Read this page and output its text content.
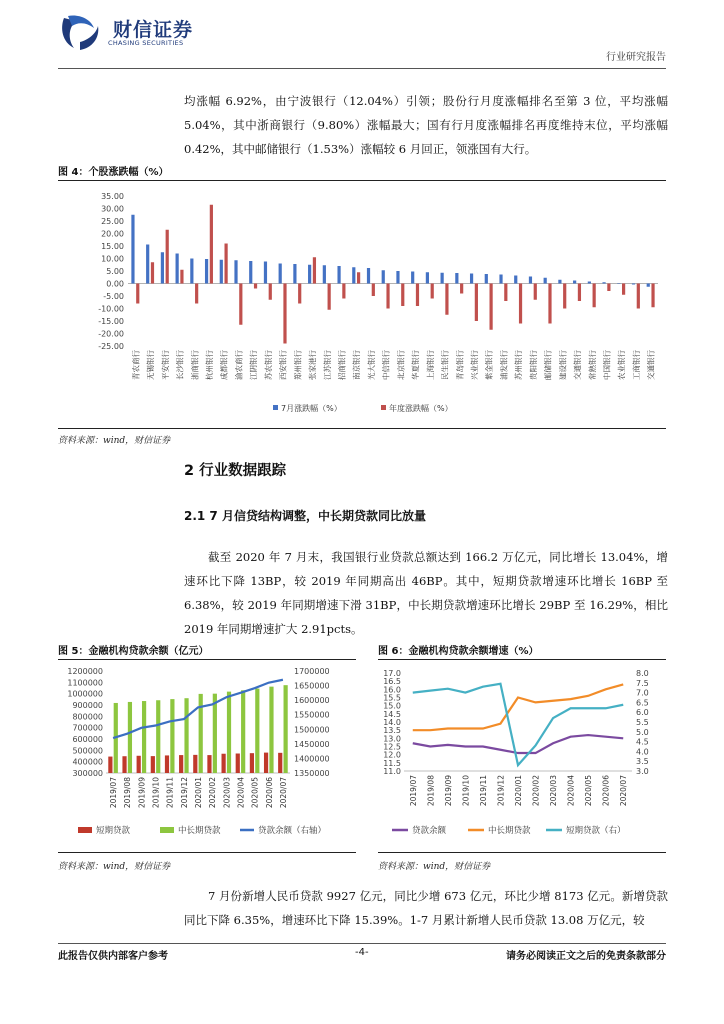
财信证券
CHASING SECURITIES
行业研究报告
均涨幅 6.92%，由宁波银行（12.04%）引领；股份行月度涨幅排名至第 3 位，平均涨幅 5.04%，其中浙商银行（9.80%）涨幅最大；国有行月度涨幅排名再度维持末位，平均涨幅 0.42%，其中邮储银行（1.53%）涨幅较 6 月回正，领涨国有大行。
图 4：个股涨跌幅（%）
35.00
30.00
25.00
20.00
15.00
10.00
5.00
0.00
-5.00
-10.00
-15.00
-20.00
-25.00
青农商行 无锡银行 平安银行 长沙银行 浙商银行 杭州银行 成都银行 渝农商行 江阴银行 苏农银行 西安银行 郑州银行 张家港行 江苏银行 招商银行 南京银行 光大银行 中信银行 北京银行 华夏银行 上海银行 民生银行 青岛银行 兴业银行 紫金银行 浦发银行 苏州银行 贵阳银行 邮储银行 建设银行 交通银行 常熟银行 中国银行 农业银行 工商银行 交通银行
7月涨跌幅（%）	年度涨跌幅（%）
资料来源：wind，财信证券
2 行业数据跟踪
2.1 7 月信贷结构调整，中长期贷款同比放量
截至 2020 年 7 月末，我国银行业贷款总额达到 166.2 万亿元，同比增长 13.04%，增速环比下降 13BP，较 2019 年同期高出 46BP。其中，短期贷款增速环比增长 16BP 至 6.38%，较 2019 年同期增速下滑 31BP，中长期贷款增速环比增长 29BP 至 16.29%，相比 2019 年同期增速扩大 2.91pcts。
图 5：金融机构贷款余额（亿元）
1200000
1100000
1000000
900000
800000
700000
600000
500000
400000
300000
1700000
1650000
1600000
1550000
1500000
1450000
1400000
1350000
2019/07 2019/08 2019/09 2019/10 2019/11 2019/12 2020/01 2020/02 2020/03 2020/04 2020/05 2020/06 2020/07
短期贷款	中长期贷款	贷款余额（右轴）
资料来源：wind，财信证券
图 6：金融机构贷款余额增速（%）
17.0
16.5
16.0
15.5
15.0
14.5
14.0
13.5
13.0
12.5
12.0
11.5
11.0
8.0
7.5
7.0
6.5
6.0
5.5
5.0
4.5
4.0
3.5
3.0
2019/07 2019/08 2019/09 2019/10 2019/11 2019/12 2020/01 2020/02 2020/03 2020/04 2020/05 2020/06 2020/07
贷款余额	中长期贷款	短期贷款（右）
资料来源：wind，财信证券
7 月份新增人民币贷款 9927 亿元，同比少增 673 亿元，环比少增 8173 亿元。新增贷款同比下降 6.35%，增速环比下降 15.39%。1-7 月累计新增人民币贷款 13.08 万亿元，较
此报告仅供内部客户参考	-4-	请务必阅读正文之后的免责条款部分
